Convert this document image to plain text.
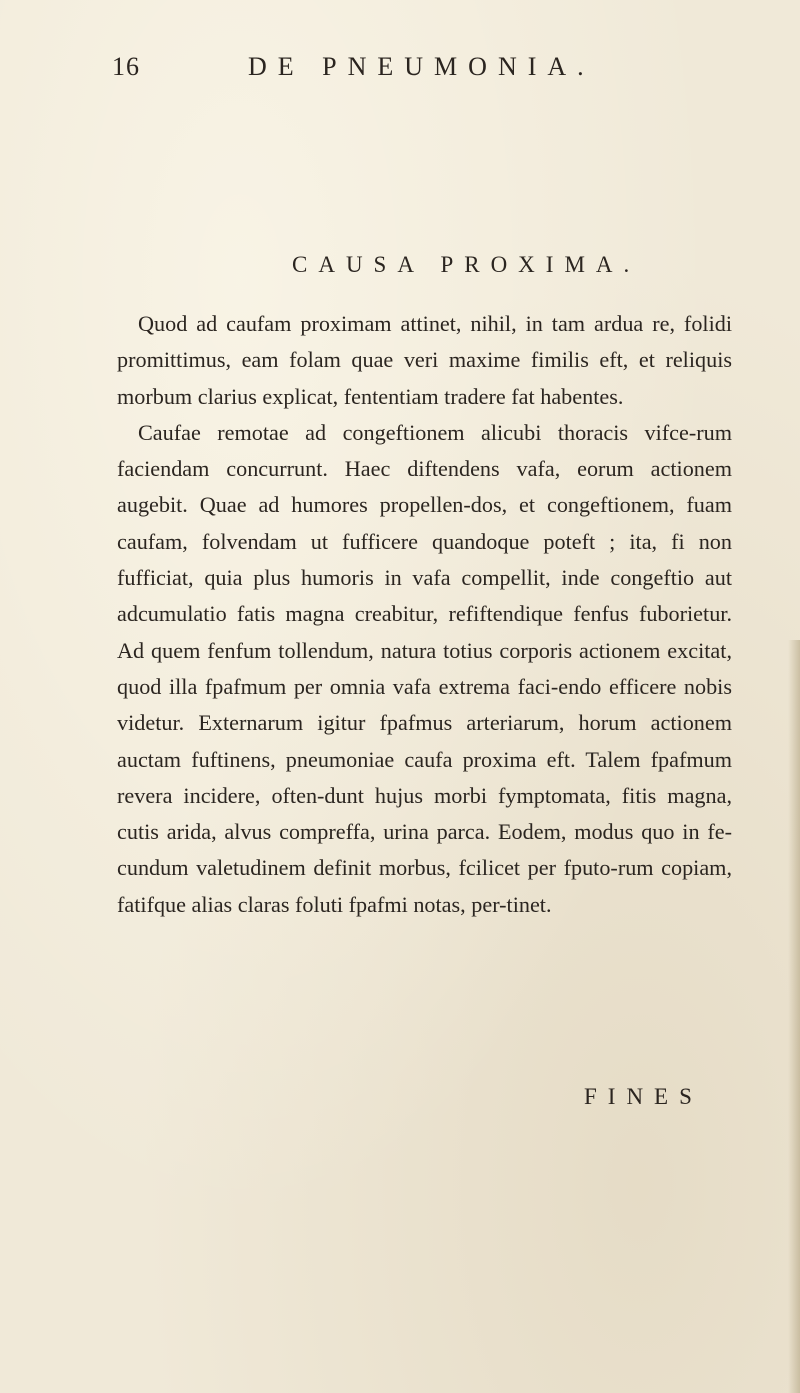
16	DE PNEUMONIA.
CAUSA PROXIMA.

Quod ad caufam proximam attinet, nihil, in tam ardua re, folidi promittimus, eam folam quae veri maxime fimilis eft, et reliquis morbum clarius explicat, fententiam tradere fat habentes.

Caufae remotae ad congeftionem alicubi thoracis vifce-rum faciendam concurrunt. Haec diftendens vafa, eorum actionem augebit. Quae ad humores propellen-dos, et congeftionem, fuam caufam, folvendam ut fufficere quandoque poteft ; ita, fi non fufficiat, quia plus humoris in vafa compellit, inde congeftio aut adcumulatio fatis magna creabitur, refiftendique fenfus fuborietur. Ad quem fenfum tollendum, natura totius corporis actionem excitat, quod illa fpafmum per omnia vafa extrema faci-endo efficere nobis videtur. Externarum igitur fpafmus arteriarum, horum actionem auctam fuftinens, pneumoniae caufa proxima eft. Talem fpafmum revera incidere, often-dunt hujus morbi fymptomata, fitis magna, cutis arida, alvus compreffa, urina parca. Eodem, modus quo in fe-cundum valetudinem definit morbus, fcilicet per fputo-rum copiam, fatifque alias claras foluti fpafmi notas, per-tinet.

FINES
